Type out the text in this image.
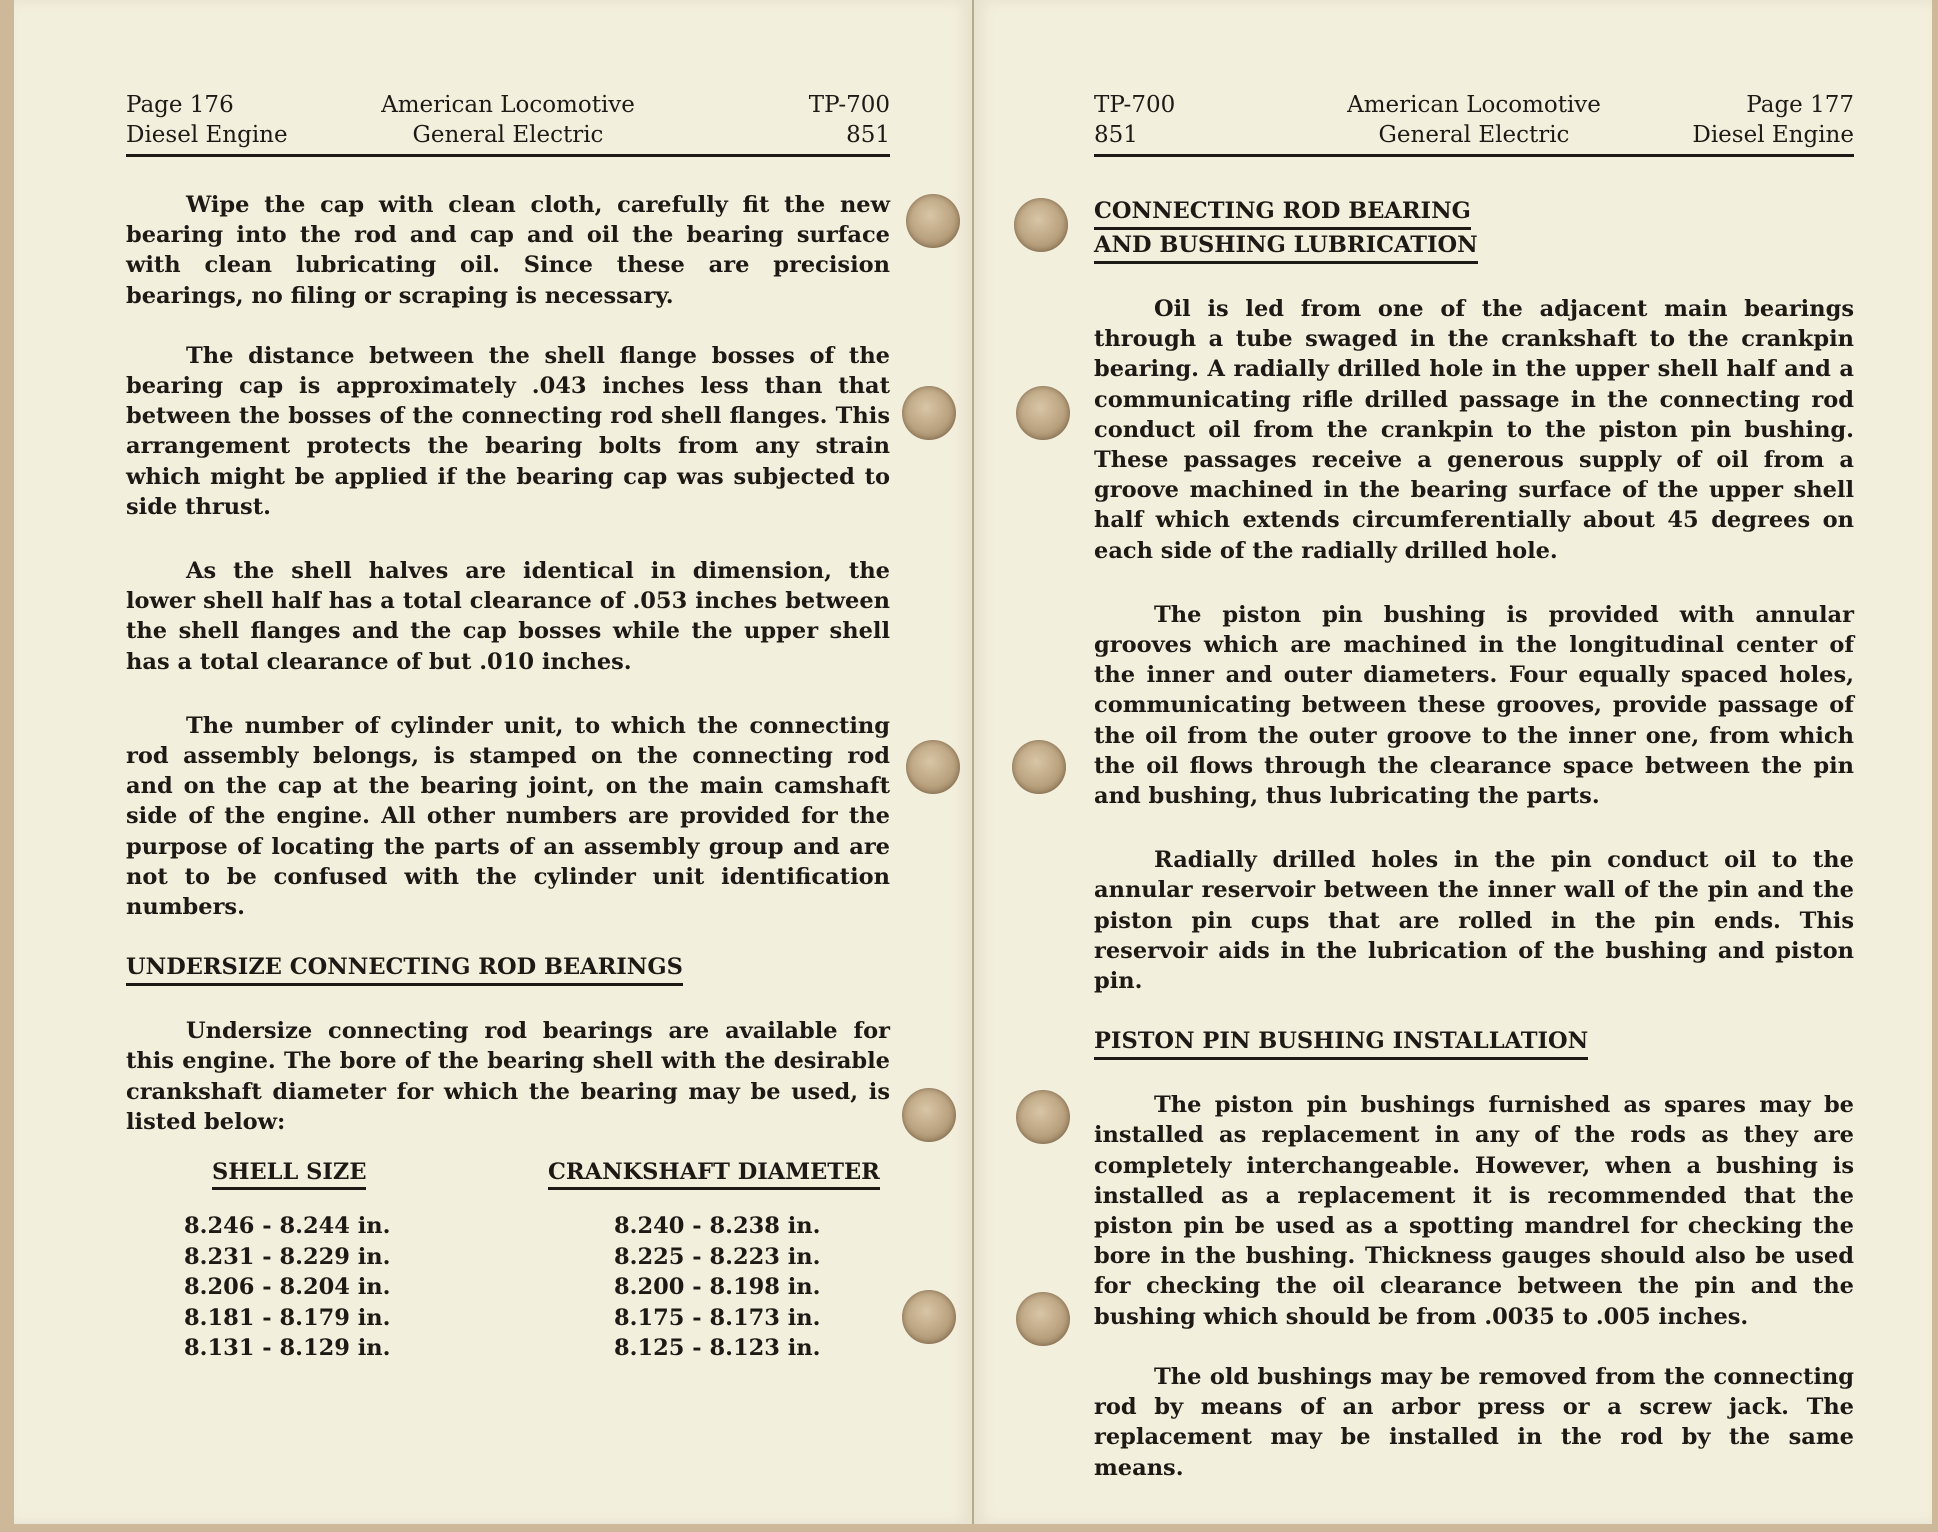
Page 176	American Locomotive	TP-700
Diesel Engine	General Electric	851

Wipe the cap with clean cloth, carefully fit the new bearing into the rod and cap and oil the bearing surface with clean lubricating oil. Since these are precision bearings, no filing or scraping is necessary.

The distance between the shell flange bosses of the bearing cap is approximately .043 inches less than that between the bosses of the connecting rod shell flanges. This arrangement protects the bearing bolts from any strain which might be applied if the bearing cap was subjected to side thrust.

As the shell halves are identical in dimension, the lower shell half has a total clearance of .053 inches between the shell flanges and the cap bosses while the upper shell has a total clearance of but .010 inches.

The number of cylinder unit, to which the connecting rod assembly belongs, is stamped on the connecting rod and on the cap at the bearing joint, on the main camshaft side of the engine. All other numbers are provided for the purpose of locating the parts of an assembly group and are not to be confused with the cylinder unit identification numbers.

UNDERSIZE CONNECTING ROD BEARINGS

Undersize connecting rod bearings are available for this engine. The bore of the bearing shell with the desirable crankshaft diameter for which the bearing may be used, is listed below:

SHELL SIZE	CRANKSHAFT DIAMETER
8.246 - 8.244 in.	8.240 - 8.238 in.
8.231 - 8.229 in.	8.225 - 8.223 in.
8.206 - 8.204 in.	8.200 - 8.198 in.
8.181 - 8.179 in.	8.175 - 8.173 in.
8.131 - 8.129 in.	8.125 - 8.123 in.
TP-700	American Locomotive	Page 177
851	General Electric	Diesel Engine
CONNECTING ROD BEARING
AND BUSHING LUBRICATION

Oil is led from one of the adjacent main bearings through a tube swaged in the crankshaft to the crankpin bearing. A radially drilled hole in the upper shell half and a communicating rifle drilled passage in the connecting rod conduct oil from the crankpin to the piston pin bushing. These passages receive a generous supply of oil from a groove machined in the bearing surface of the upper shell half which extends circumferentially about 45 degrees on each side of the radially drilled hole.

The piston pin bushing is provided with annular grooves which are machined in the longitudinal center of the inner and outer diameters. Four equally spaced holes, communicating between these grooves, provide passage of the oil from the outer groove to the inner one, from which the oil flows through the clearance space between the pin and bushing, thus lubricating the parts.

Radially drilled holes in the pin conduct oil to the annular reservoir between the inner wall of the pin and the piston pin cups that are rolled in the pin ends. This reservoir aids in the lubrication of the bushing and piston pin.

PISTON PIN BUSHING INSTALLATION

The piston pin bushings furnished as spares may be installed as replacement in any of the rods as they are completely interchangeable. However, when a bushing is installed as a replacement it is recommended that the piston pin be used as a spotting mandrel for checking the bore in the bushing. Thickness gauges should also be used for checking the oil clearance between the pin and the bushing which should be from .0035 to .005 inches.

The old bushings may be removed from the connecting rod by means of an arbor press or a screw jack. The replacement may be installed in the rod by the same means.
